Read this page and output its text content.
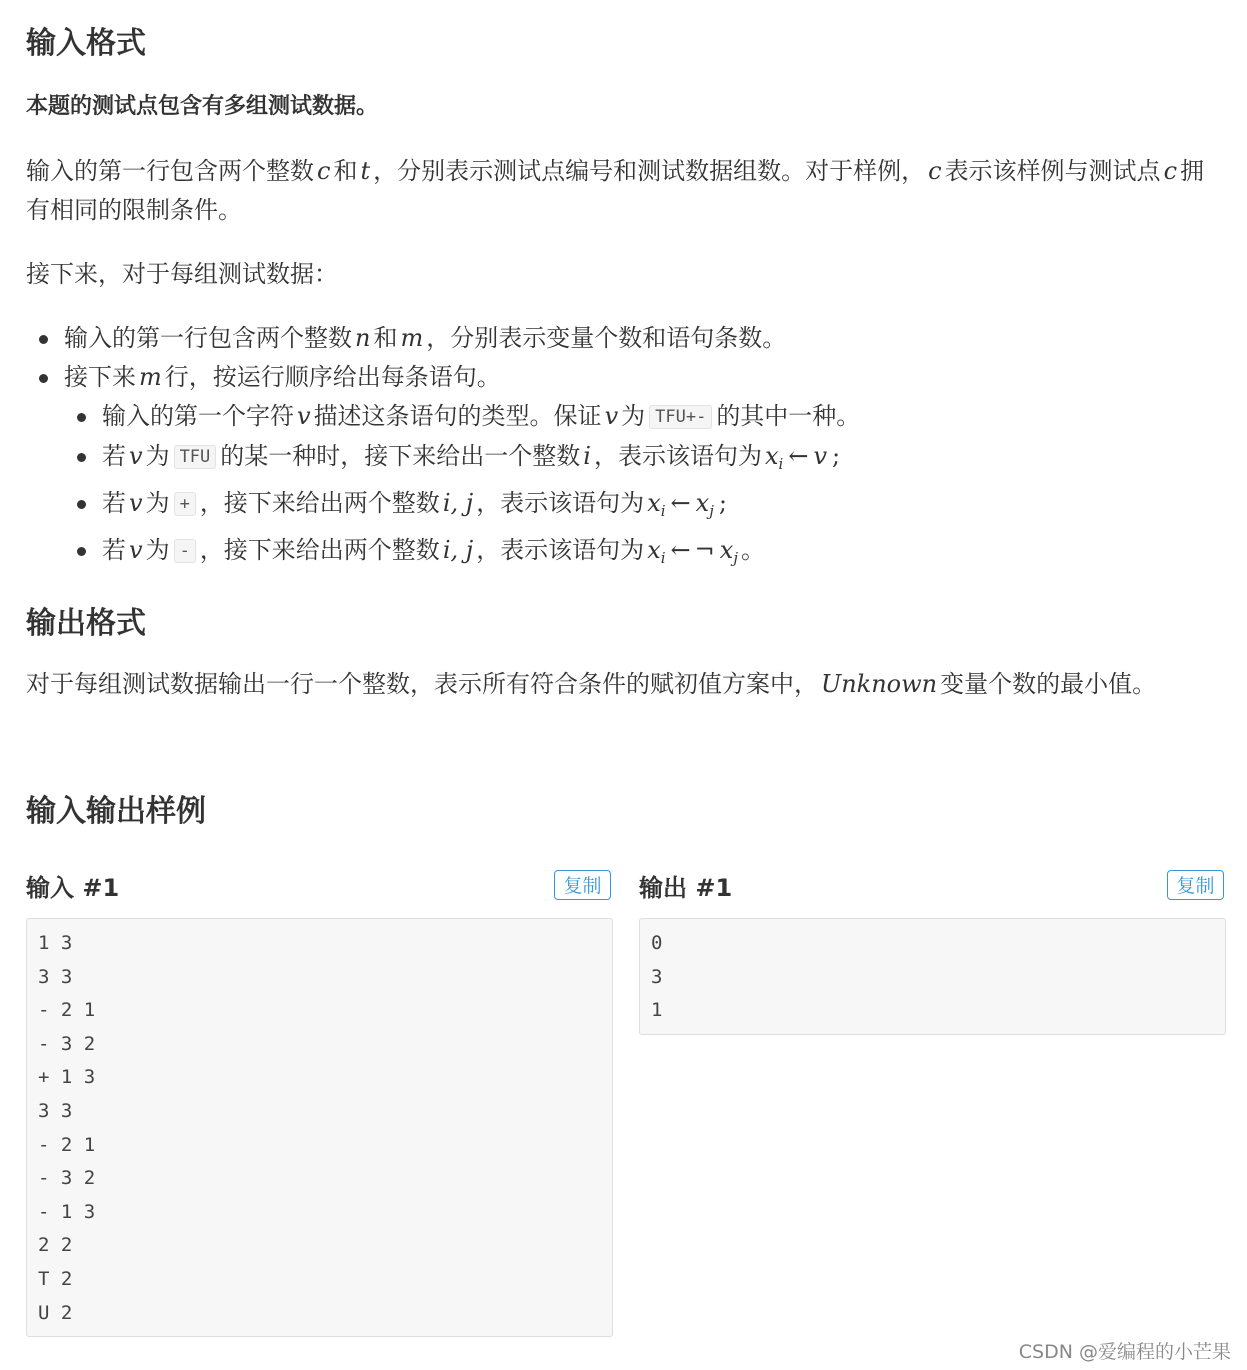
输入格式
本题的测试点包含有多组测试数据。
输入的第一行包含两个整数 c 和 t ，分别表示测试点编号和测试数据组数。对于样例， c 表示该样例与测试点 c 拥有相同的限制条件。
接下来，对于每组测试数据：
输入的第一行包含两个整数 n 和 m ，分别表示变量个数和语句条数。
接下来 m 行，按运行顺序给出每条语句。
输入的第一个字符 v 描述这条语句的类型。保证 v 为 TFU+- 的其中一种。
若 v 为 TFU 的某一种时，接下来给出一个整数 i ，表示该语句为 $x_i$ ← v ;
若 v 为 + ，接下来给出两个整数 i, j ，表示该语句为 $x_i$ ← $x_j$ ;
若 v 为 - ，接下来给出两个整数 i, j ，表示该语句为 $x_i$ ← ¬ $x_j$ 。
输出格式
对于每组测试数据输出一行一个整数，表示所有符合条件的赋初值方案中， Unknown 变量个数的最小值。
输入输出样例
输入 #1	复制
1 3
3 3
- 2 1
- 3 2
+ 1 3
3 3
- 2 1
- 3 2
- 1 3
2 2
T 2
U 2
输出 #1	复制
0
3
1
CSDN @爱编程的小芒果
